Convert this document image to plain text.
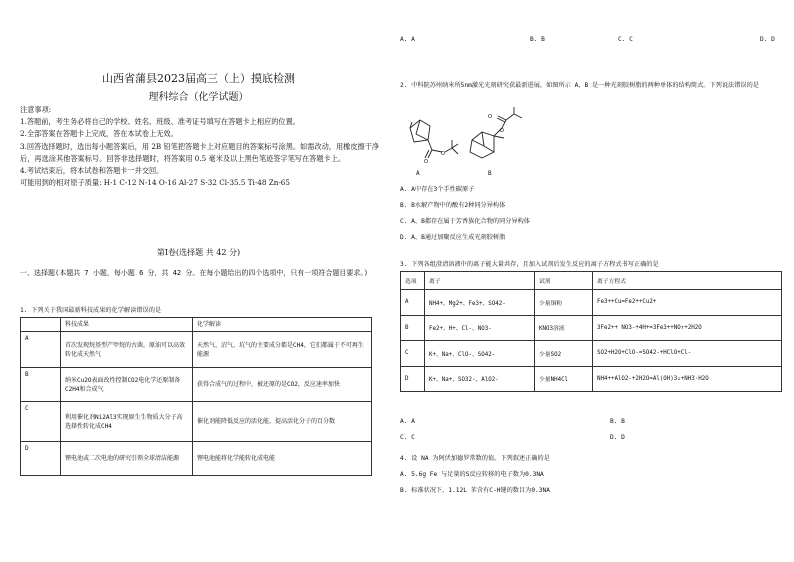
山西省蒲县2023届高三（上）摸底检测
理科综合（化学试题）
注意事项:
1.答题前，考生务必将自己的学校、姓名、班级、准考证号填写在答题卡上相应的位置。
2.全部答案在答题卡上完成，答在本试卷上无效。
3.回答选择题时，选出每小题答案后，用 2B 铅笔把答题卡上对应题目的答案标号涂黑。如需改动，用橡皮擦干净后，再选涂其他答案标号。回答非选择题时，将答案用 0.5 毫米及以上黑色笔迹签字笔写在答题卡上。
4.考试结束后，将本试卷和答题卡一并交回。
可能用到的相对原子质量: H-1 C-12 N-14 O-16 Al-27 S-32 Cl-35.5 Ti-48 Zn-65
第Ⅰ卷(选择题 共 42 分)
一、选择题(本题共 7 小题，每小题 6 分，共 42 分。在每小题给出的四个选项中，只有一项符合题目要求。)
1. 下列关于我国最新科技成果的化学解读错误的是
	科技成果	化学解读
A	首次发现烷基型产甲烷的古菌，原油可以高效转化成天然气	天然气、沼气、坑气的主要成分都是CH4，它们都属于不可再生能源
B	纳米Cu2O表面改性控制CO2电化学还原制备C2H4和合成气	获得合成气的过程中，被还原的是CO2，反应速率加快
C	利用催化剂Ni2Al3实现原生生物质大分子高选择性转化成CH4	催化剂能降低反应的活化能，提高活化分子的百分数
D	锂电池或二次电池的研究引领全球清洁能源	锂电池能将化学能转化成电能
A. A	B. B	C. C	D. D
2. 中科院苏州纳米所5nm激光光刻研究获最新进展，如图所示 A、B 是一种光刻胶树脂的两种单体的结构简式。下列说法错误的是
O
O
A
O
O
B
A. A中存在3个手性碳原子
B. B水解产物中的酸有2种同分异构体
C. A、B都存在属于芳香族化合物的同分异构体
D. A、B通过加聚反应生成光刻胶树脂
3. 下列各组澄清溶液中的离子能大量共存，且加入试剂后发生反应的离子方程式书写正确的是
选项	离子	试剂	离子方程式
A	NH4+、Mg2+、Fe3+、SO42-	少量铜粉	Fe3++Cu=Fe2++Cu2+
B	Fe2+、H+、Cl-、NO3-	KNO3溶液	3Fe2++ NO3-+4H+=3Fe3++NO↑+2H2O
C	K+、Na+、ClO-、SO42-	少量SO2	SO2+H2O+ClO-=SO42-+HClO+Cl-
D	K+、Na+、SO32-、AlO2-	少量NH4Cl	NH4++AlO2-+2H2O=Al(OH)3↓+NH3·H2O
A. A	B. B
C. C	D. D
4. 设 NA 为阿伏加德罗常数的值。下列叙述正确的是
A. 5.6g Fe 与足量的S反应转移的电子数为0.3NA
B. 标准状况下，1.12L 苯含有C-H键的数目为0.3NA
